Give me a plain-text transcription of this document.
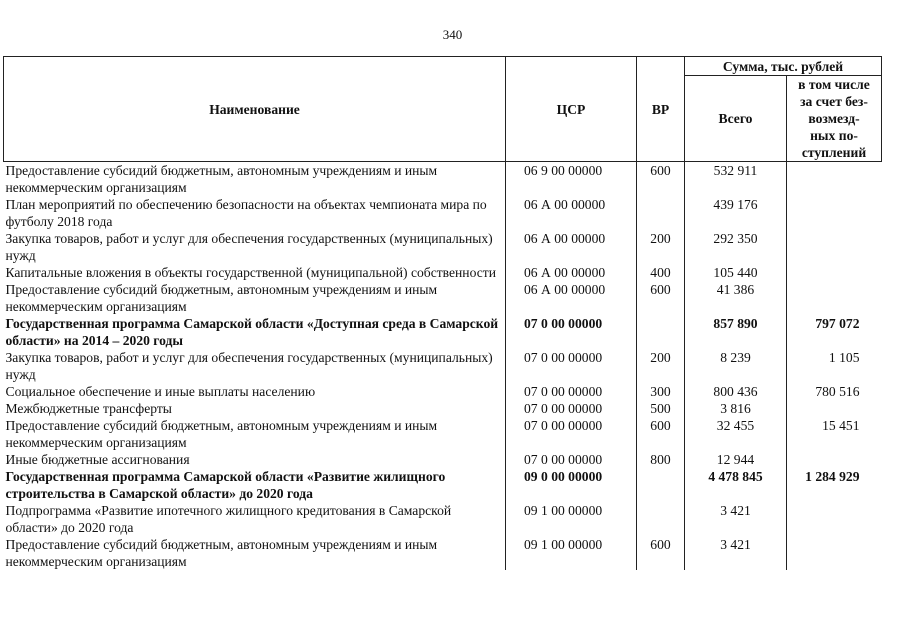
340
Наименование	ЦСР	ВР	Сумма, тыс. рублей	
			Всего	в том числе
за счет без-
возмезд-
ных по-
ступлений
Предоставление субсидий бюджетным, автономным учреждениям и иным некоммерческим организациям	06 9 00 00000	600	532 911	
План мероприятий по обеспечению безопасности на объектах чемпионата мира по футболу 2018 года	06 А 00 00000		439 176	
Закупка товаров, работ и услуг для обеспечения государственных (муниципальных) нужд	06 А 00 00000	200	292 350	
Капитальные вложения в объекты государственной (муниципальной) собственности	06 А 00 00000	400	105 440	
Предоставление субсидий бюджетным, автономным учреждениям и иным некоммерческим организациям	06 А 00 00000	600	41 386	
Государственная программа Самарской области «Доступная среда в Самарской области» на 2014 – 2020 годы	07 0 00 00000		857 890	797 072
Закупка товаров, работ и услуг для обеспечения государственных (муниципальных) нужд	07 0 00 00000	200	8 239	1 105
Социальное обеспечение и иные выплаты населению	07 0 00 00000	300	800 436	780 516
Межбюджетные трансферты	07 0 00 00000	500	3 816	
Предоставление субсидий бюджетным, автономным учреждениям и иным некоммерческим организациям	07 0 00 00000	600	32 455	15 451
Иные бюджетные ассигнования	07 0 00 00000	800	12 944	
Государственная программа Самарской области «Развитие жилищного строительства в Самарской области» до 2020 года	09 0 00 00000		4 478 845	1 284 929
Подпрограмма «Развитие ипотечного жилищного кредитования в Самарской области» до 2020 года	09 1 00 00000		3 421	
Предоставление субсидий бюджетным, автономным учреждениям и иным некоммерческим организациям	09 1 00 00000	600	3 421	
